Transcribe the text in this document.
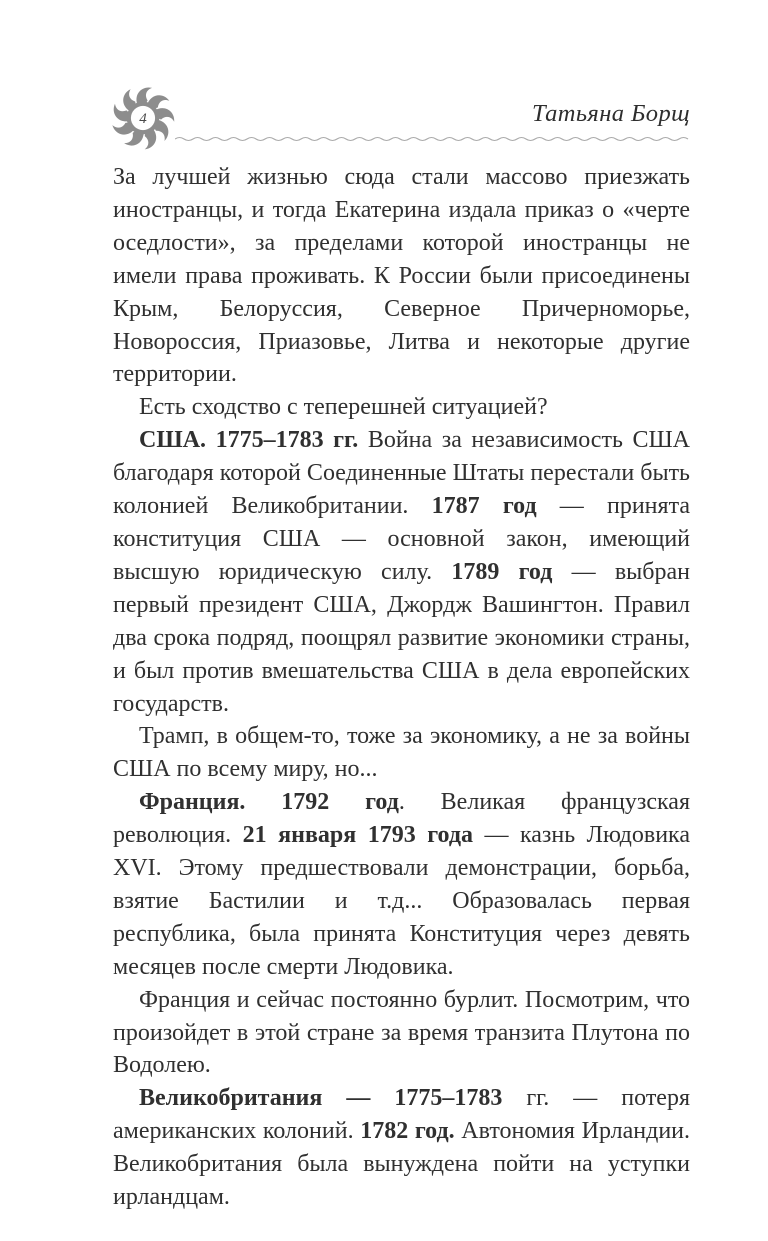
4	Татьяна Борщ

За лучшей жизнью сюда стали массово приезжать иностранцы, и тогда Екатерина издала приказ о «черте оседлости», за пределами которой иностранцы не имели права проживать. К России были присоединены Крым, Белоруссия, Северное Причерноморье, Новороссия, Приазовье, Литва и некоторые другие территории.

Есть сходство с теперешней ситуацией?

США. 1775–1783 гг. Война за независимость США благодаря которой Соединенные Штаты перестали быть колонией Великобритании. 1787 год — принята конституция США — основной закон, имеющий высшую юридическую силу. 1789 год — выбран первый президент США, Джордж Вашингтон. Правил два срока подряд, поощрял развитие экономики страны, и был против вмешательства США в дела европейских государств.

Трамп, в общем-то, тоже за экономику, а не за войны США по всему миру, но...

Франция. 1792 год. Великая французская революция. 21 января 1793 года — казнь Людовика XVI. Этому предшествовали демонстрации, борьба, взятие Бастилии и т.д... Образовалась первая республика, была принята Конституция через девять месяцев после смерти Людовика.

Франция и сейчас постоянно бурлит. Посмотрим, что произойдет в этой стране за время транзита Плутона по Водолею.

Великобритания — 1775–1783 гг. — потеря американских колоний. 1782 год. Автономия Ирландии. Великобритания была вынуждена пойти на уступки ирландцам.
